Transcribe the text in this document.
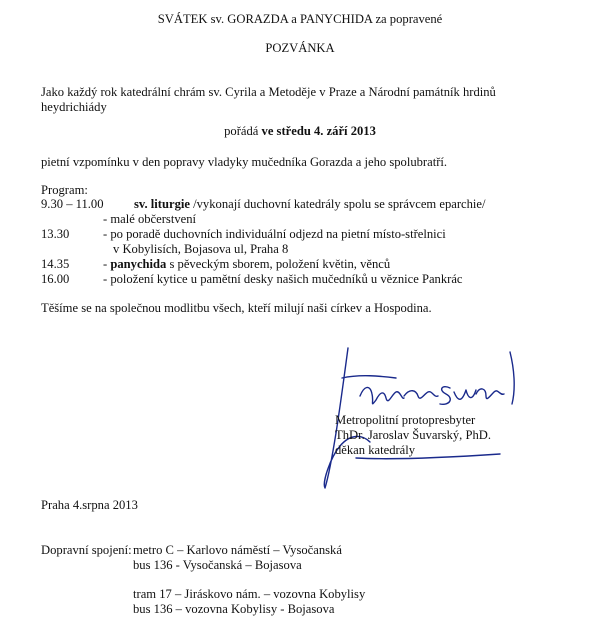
SVÁTEK sv. GORAZDA a PANYCHIDA za popravené
POZVÁNKA
Jako každý rok katedrální chrám sv. Cyrila a Metoděje v Praze a Národní památník hrdinů
heydrichiády
pořádá ve středu 4. září 2013
pietní vzpomínku v den popravy vladyky mučedníka Gorazda a jeho spolubratří.
Program:
9.30 – 11.00 sv. liturgie /vykonají duchovní katedrály spolu se správcem eparchie/
- malé občerstvení
13.30	- po poradě duchovních individuální odjezd na pietní místo-střelnici
v Kobylisích, Bojasova ul, Praha 8
14.35	- panychida s pěveckým sborem, položení květin, věnců
16.00	- položení kytice u pamětní desky našich mučedníků u věznice Pankrác
Těšíme se na společnou modlitbu všech, kteří milují naši církev a Hospodina.
Metropolitní protopresbyter
ThDr. Jaroslav Šuvarský, PhD.
děkan katedrály
Praha 4.srpna 2013
Dopravní spojení: metro C – Karlovo náměstí – Vysočanská
bus 136 - Vysočanská – Bojasova
tram 17 – Jiráskovo nám. – vozovna Kobylisy
bus 136 – vozovna Kobylisy - Bojasova
